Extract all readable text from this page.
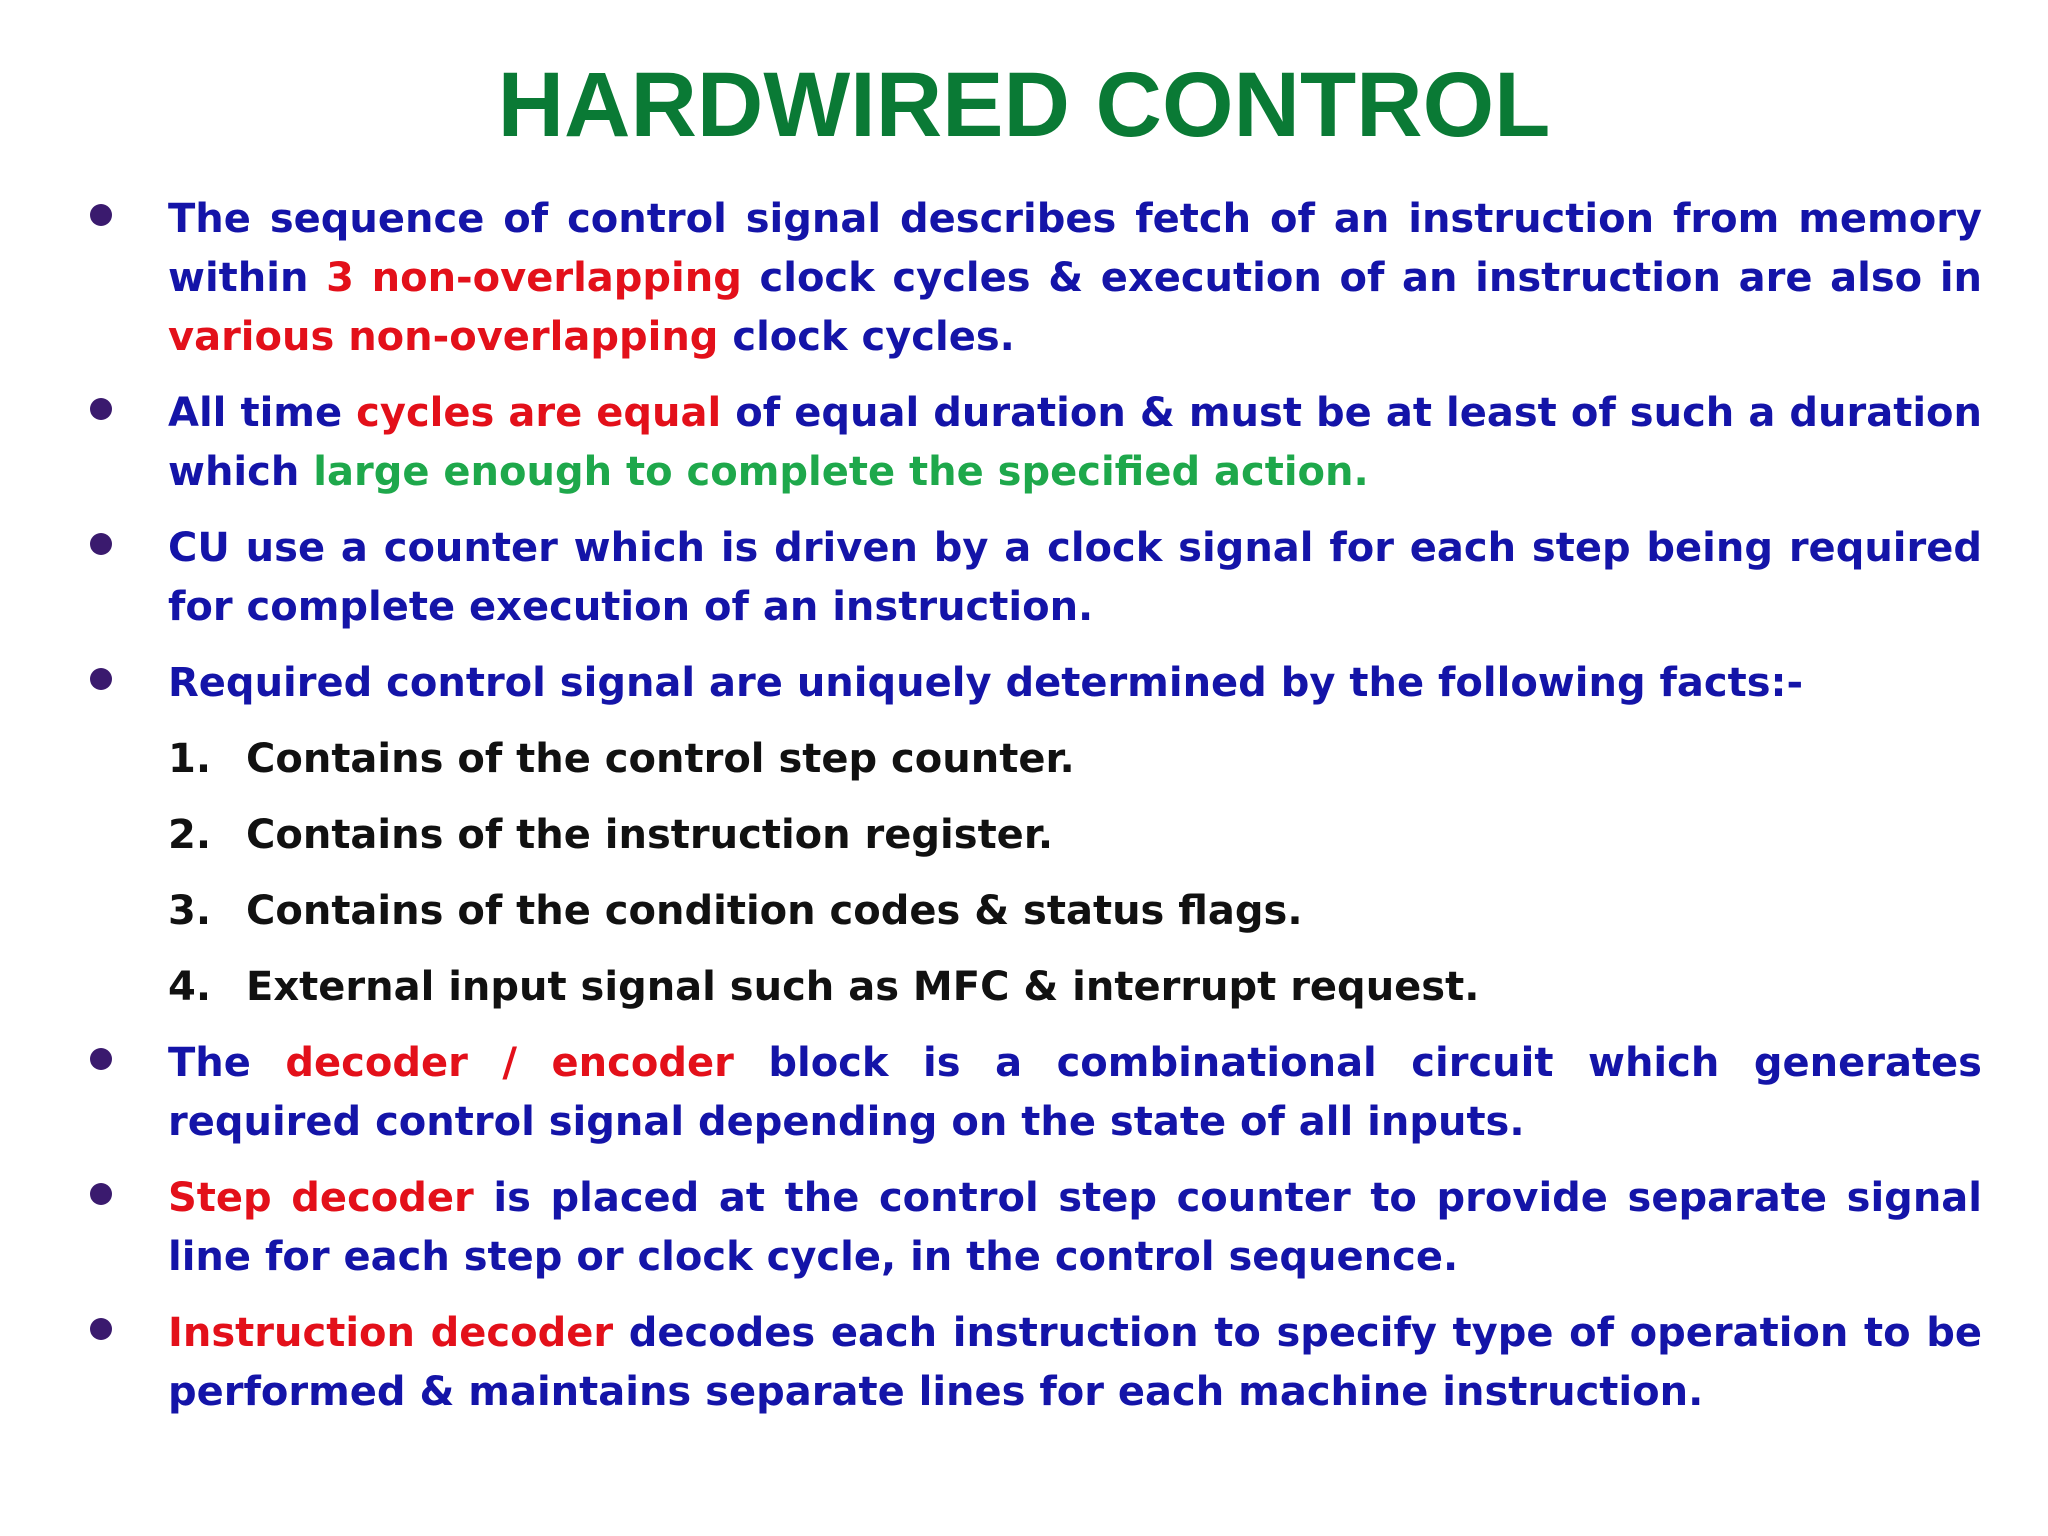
HARDWIRED CONTROL
The sequence of control signal describes fetch of an instruction from memory within 3 non-overlapping clock cycles & execution of an instruction are also in various non-overlapping clock cycles.
All time cycles are equal of equal duration & must be at least of such a duration which large enough to complete the specified action.
CU use a counter which is driven by a clock signal for each step being required for complete execution of an instruction.
Required control signal are uniquely determined by the following facts:-
1. Contains of the control step counter.
2. Contains of the instruction register.
3. Contains of the condition codes & status flags.
4. External input signal such as MFC & interrupt request.
The decoder / encoder block is a combinational circuit which generates required control signal depending on the state of all inputs.
Step decoder is placed at the control step counter to provide separate signal line for each step or clock cycle, in the control sequence.
Instruction decoder decodes each instruction to specify type of operation to be performed & maintains separate lines for each machine instruction.
